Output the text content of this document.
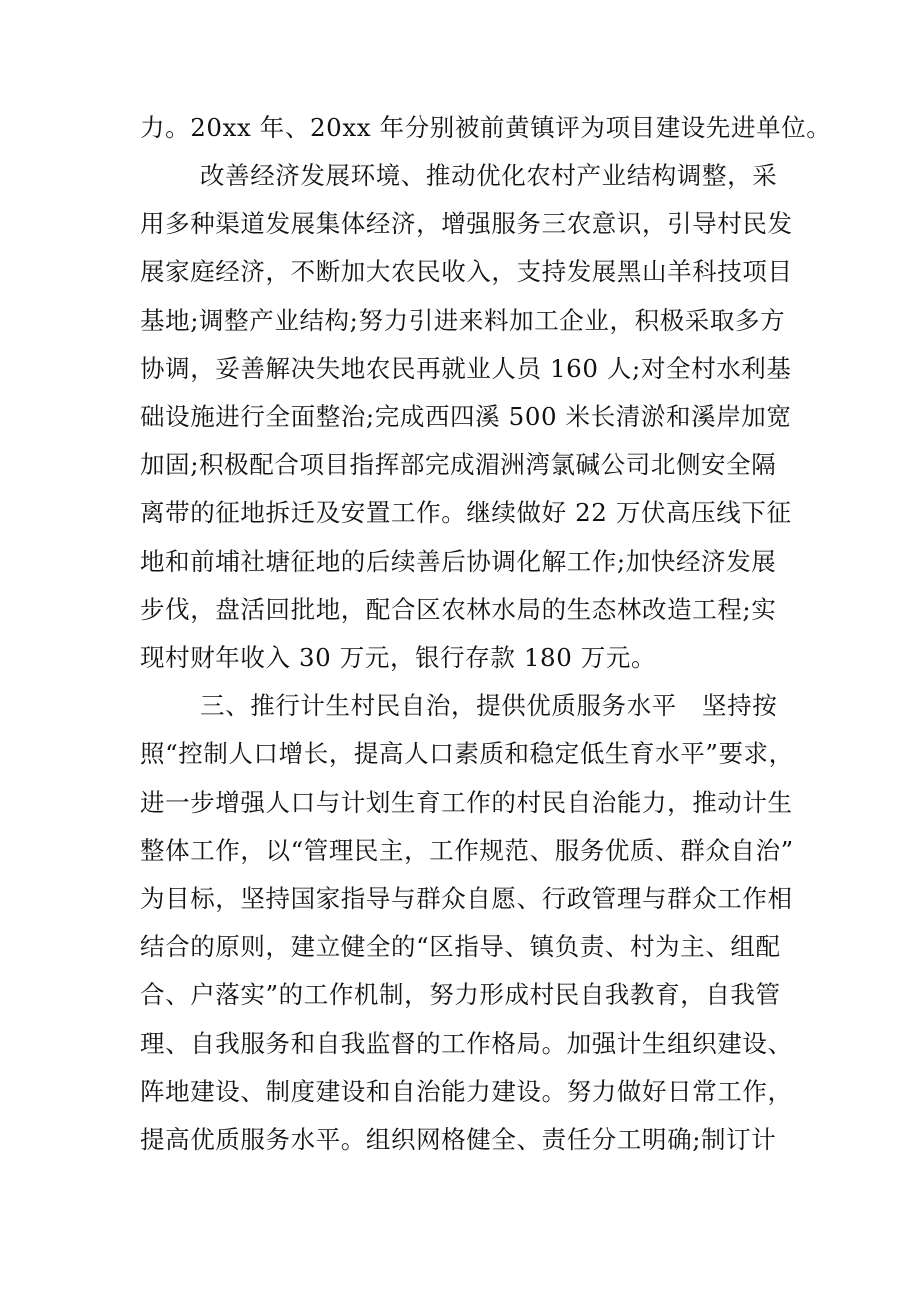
力。20xx 年、20xx 年分别被前黄镇评为项目建设先进单位。
改善经济发展环境、推动优化农村产业结构调整，采
用多种渠道发展集体经济，增强服务三农意识，引导村民发
展家庭经济，不断加大农民收入，支持发展黑山羊科技项目
基地;调整产业结构;努力引进来料加工企业，积极采取多方
协调，妥善解决失地农民再就业人员 160 人;对全村水利基
础设施进行全面整治;完成西四溪 500 米长清淤和溪岸加宽
加固;积极配合项目指挥部完成湄洲湾氯碱公司北侧安全隔
离带的征地拆迁及安置工作。继续做好 22 万伏高压线下征
地和前埔社塘征地的后续善后协调化解工作;加快经济发展
步伐，盘活回批地，配合区农林水局的生态林改造工程;实
现村财年收入 30 万元，银行存款 180 万元。
三、推行计生村民自治，提供优质服务水平　坚持按
照“控制人口增长，提高人口素质和稳定低生育水平”要求，
进一步增强人口与计划生育工作的村民自治能力，推动计生
整体工作，以“管理民主，工作规范、服务优质、群众自治”
为目标，坚持国家指导与群众自愿、行政管理与群众工作相
结合的原则，建立健全的“区指导、镇负责、村为主、组配
合、户落实”的工作机制，努力形成村民自我教育，自我管
理、自我服务和自我监督的工作格局。加强计生组织建设、
阵地建设、制度建设和自治能力建设。努力做好日常工作，
提高优质服务水平。组织网格健全、责任分工明确;制订计
